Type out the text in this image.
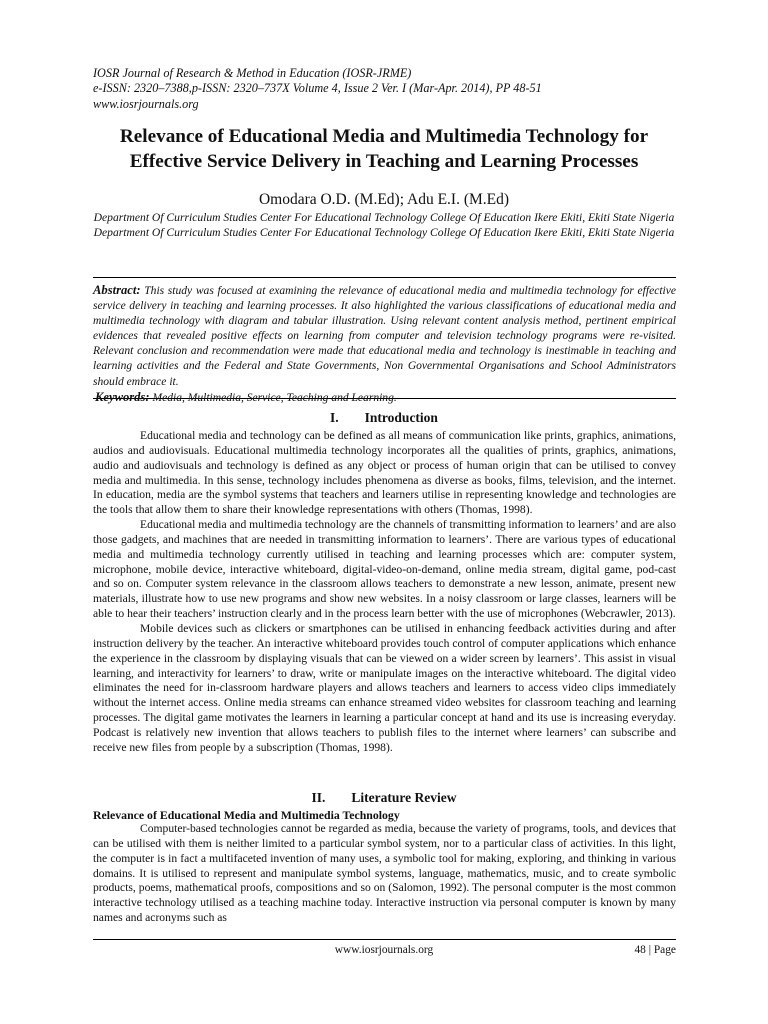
IOSR Journal of Research & Method in Education (IOSR-JRME)
e-ISSN: 2320–7388,p-ISSN: 2320–737X Volume 4, Issue 2 Ver. I (Mar-Apr. 2014), PP 48-51
www.iosrjournals.org
Relevance of Educational Media and Multimedia Technology for
Effective Service Delivery in Teaching and Learning Processes
Omodara O.D. (M.Ed); Adu E.I. (M.Ed)
Department Of Curriculum Studies Center For Educational Technology College Of Education Ikere Ekiti, Ekiti State Nigeria
Department Of Curriculum Studies Center For Educational Technology College Of Education Ikere Ekiti, Ekiti State Nigeria

Abstract: This study was focused at examining the relevance of educational media and multimedia technology for effective service delivery in teaching and learning processes. It also highlighted the various classifications of educational media and multimedia technology with diagram and tabular illustration. Using relevant content analysis method, pertinent empirical evidences that revealed positive effects on learning from computer and television technology programs were re-visited. Relevant conclusion and recommendation were made that educational media and technology is inestimable in teaching and learning activities and the Federal and State Governments, Non Governmental Organisations and School Administrators should embrace it.

Keywords: Media, Multimedia, Service, Teaching and Learning.

I. Introduction

Educational media and technology can be defined as all means of communication like prints, graphics, animations, audios and audiovisuals. Educational multimedia technology incorporates all the qualities of prints, graphics, animations, audio and audiovisuals and technology is defined as any object or process of human origin that can be utilised to convey media and multimedia. In this sense, technology includes phenomena as diverse as books, films, television, and the internet. In education, media are the symbol systems that teachers and learners utilise in representing knowledge and technologies are the tools that allow them to share their knowledge representations with others (Thomas, 1998).

Educational media and multimedia technology are the channels of transmitting information to learners’ and are also those gadgets, and machines that are needed in transmitting information to learners’. There are various types of educational media and multimedia technology currently utilised in teaching and learning processes which are: computer system, microphone, mobile device, interactive whiteboard, digital-video-on-demand, online media stream, digital game, pod-cast and so on. Computer system relevance in the classroom allows teachers to demonstrate a new lesson, animate, present new materials, illustrate how to use new programs and show new websites. In a noisy classroom or large classes, learners will be able to hear their teachers’ instruction clearly and in the process learn better with the use of microphones (Webcrawler, 2013).

Mobile devices such as clickers or smartphones can be utilised in enhancing feedback activities during and after instruction delivery by the teacher. An interactive whiteboard provides touch control of computer applications which enhance the experience in the classroom by displaying visuals that can be viewed on a wider screen by learners’. This assist in visual learning, and interactivity for learners’ to draw, write or manipulate images on the interactive whiteboard. The digital video eliminates the need for in-classroom hardware players and allows teachers and learners to access video clips immediately without the internet access. Online media streams can enhance streamed video websites for classroom teaching and learning processes. The digital game motivates the learners in learning a particular concept at hand and its use is increasing everyday. Podcast is relatively new invention that allows teachers to publish files to the internet where learners’ can subscribe and receive new files from people by a subscription (Thomas, 1998).

II. Literature Review
Relevance of Educational Media and Multimedia Technology

Computer-based technologies cannot be regarded as media, because the variety of programs, tools, and devices that can be utilised with them is neither limited to a particular symbol system, nor to a particular class of activities. In this light, the computer is in fact a multifaceted invention of many uses, a symbolic tool for making, exploring, and thinking in various domains. It is utilised to represent and manipulate symbol systems, language, mathematics, music, and to create symbolic products, poems, mathematical proofs, compositions and so on (Salomon, 1992). The personal computer is the most common interactive technology utilised as a teaching machine today. Interactive instruction via personal computer is known by many names and acronyms such as

www.iosrjournals.org	48 | Page
